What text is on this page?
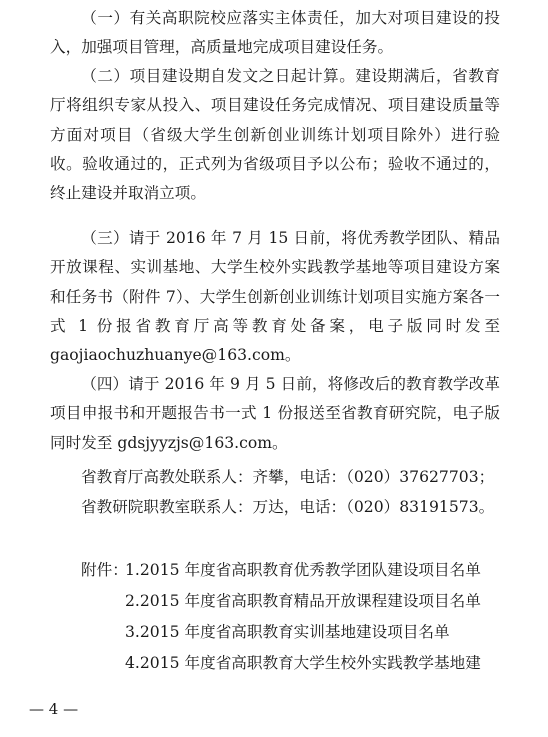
（一）有关高职院校应落实主体责任，加大对项目建设的投入，加强项目管理，高质量地完成项目建设任务。

（二）项目建设期自发文之日起计算。建设期满后，省教育厅将组织专家从投入、项目建设任务完成情况、项目建设质量等方面对项目（省级大学生创新创业训练计划项目除外）进行验收。验收通过的，正式列为省级项目予以公布；验收不通过的，终止建设并取消立项。

（三）请于 2016 年 7 月 15 日前，将优秀教学团队、精品开放课程、实训基地、大学生校外实践教学基地等项目建设方案和任务书（附件 7）、大学生创新创业训练计划项目实施方案各一式 1 份报省教育厅高等教育处备案，电子版同时发至 gaojiaochuzhuanye@163.com。

（四）请于 2016 年 9 月 5 日前，将修改后的教育教学改革项目申报书和开题报告书一式 1 份报送至省教育研究院，电子版同时发至 gdsjyyzjs@163.com。

省教育厅高教处联系人：齐攀，电话：（020）37627703；

省教研院职教室联系人：万达，电话：（020）83191573。

附件：
1.2015 年度省高职教育优秀教学团队建设项目名单
2.2015 年度省高职教育精品开放课程建设项目名单
3.2015 年度省高职教育实训基地建设项目名单
4.2015 年度省高职教育大学生校外实践教学基地建
— 4 —
